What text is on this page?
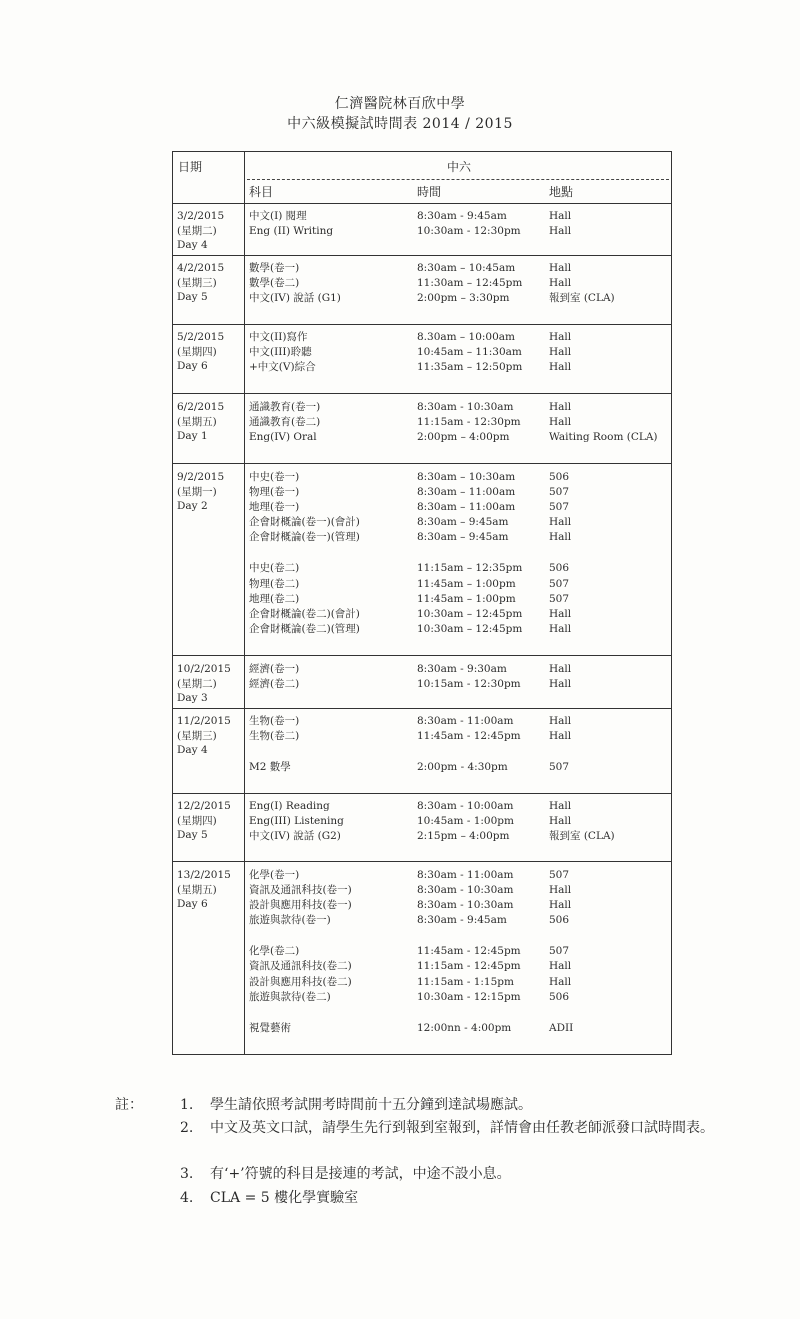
仁濟醫院林百欣中學
中六級模擬試時間表 2014 / 2015
日期	中六
科目	時間	地點
3/2/2015
(星期二)
Day 4
中文(I) 閱理	8:30am - 9:45am	Hall
Eng (II) Writing	10:30am - 12:30pm	Hall
4/2/2015
(星期三)
Day 5
數學(卷一)	8:30am – 10:45am	Hall
數學(卷二)	11:30am – 12:45pm	Hall
中文(IV) 說話 (G1)	2:00pm – 3:30pm	報到室 (CLA)
5/2/2015
(星期四)
Day 6
中文(II)寫作	8.30am – 10:00am	Hall
中文(III)聆聽	10:45am – 11:30am	Hall
+中文(V)綜合	11:35am – 12:50pm	Hall
6/2/2015
(星期五)
Day 1
通識教育(卷一)	8:30am - 10:30am	Hall
通識教育(卷二)	11:15am - 12:30pm	Hall
Eng(IV) Oral	2:00pm – 4:00pm	Waiting Room (CLA)
9/2/2015
(星期一)
Day 2
中史(卷一)	8:30am – 10:30am	506
物理(卷一)	8:30am – 11:00am	507
地理(卷一)	8:30am – 11:00am	507
企會財概論(卷一)(會計)	8:30am – 9:45am	Hall
企會財概論(卷一)(管理)	8:30am – 9:45am	Hall
中史(卷二)	11:15am – 12:35pm	506
物理(卷二)	11:45am – 1:00pm	507
地理(卷二)	11:45am – 1:00pm	507
企會財概論(卷二)(會計)	10:30am – 12:45pm	Hall
企會財概論(卷二)(管理)	10:30am – 12:45pm	Hall
10/2/2015
(星期二)
Day 3
經濟(卷一)	8:30am - 9:30am	Hall
經濟(卷二)	10:15am - 12:30pm	Hall
11/2/2015
(星期三)
Day 4
生物(卷一)	8:30am - 11:00am	Hall
生物(卷二)	11:45am - 12:45pm	Hall
M2 數學	2:00pm - 4:30pm	507
12/2/2015
(星期四)
Day 5
Eng(I) Reading	8:30am - 10:00am	Hall
Eng(III) Listening	10:45am - 1:00pm	Hall
中文(IV) 說話 (G2)	2:15pm – 4:00pm	報到室 (CLA)
13/2/2015
(星期五)
Day 6
化學(卷一)	8:30am - 11:00am	507
資訊及通訊科技(卷一)	8:30am - 10:30am	Hall
設計與應用科技(卷一)	8:30am - 10:30am	Hall
旅遊與款待(卷一)	8:30am - 9:45am	506
化學(卷二)	11:45am - 12:45pm	507
資訊及通訊科技(卷二)	11:15am - 12:45pm	Hall
設計與應用科技(卷二)	11:15am - 1:15pm	Hall
旅遊與款待(卷二)	10:30am - 12:15pm	506
視覺藝術	12:00nn - 4:00pm	ADII
註：	1. 學生請依照考試開考時間前十五分鐘到達試場應試。
2. 中文及英文口試，請學生先行到報到室報到，詳情會由任教老師派發口試時間表。
3. 有‘+’符號的科目是接連的考試，中途不設小息。
4. CLA = 5 樓化學實驗室
